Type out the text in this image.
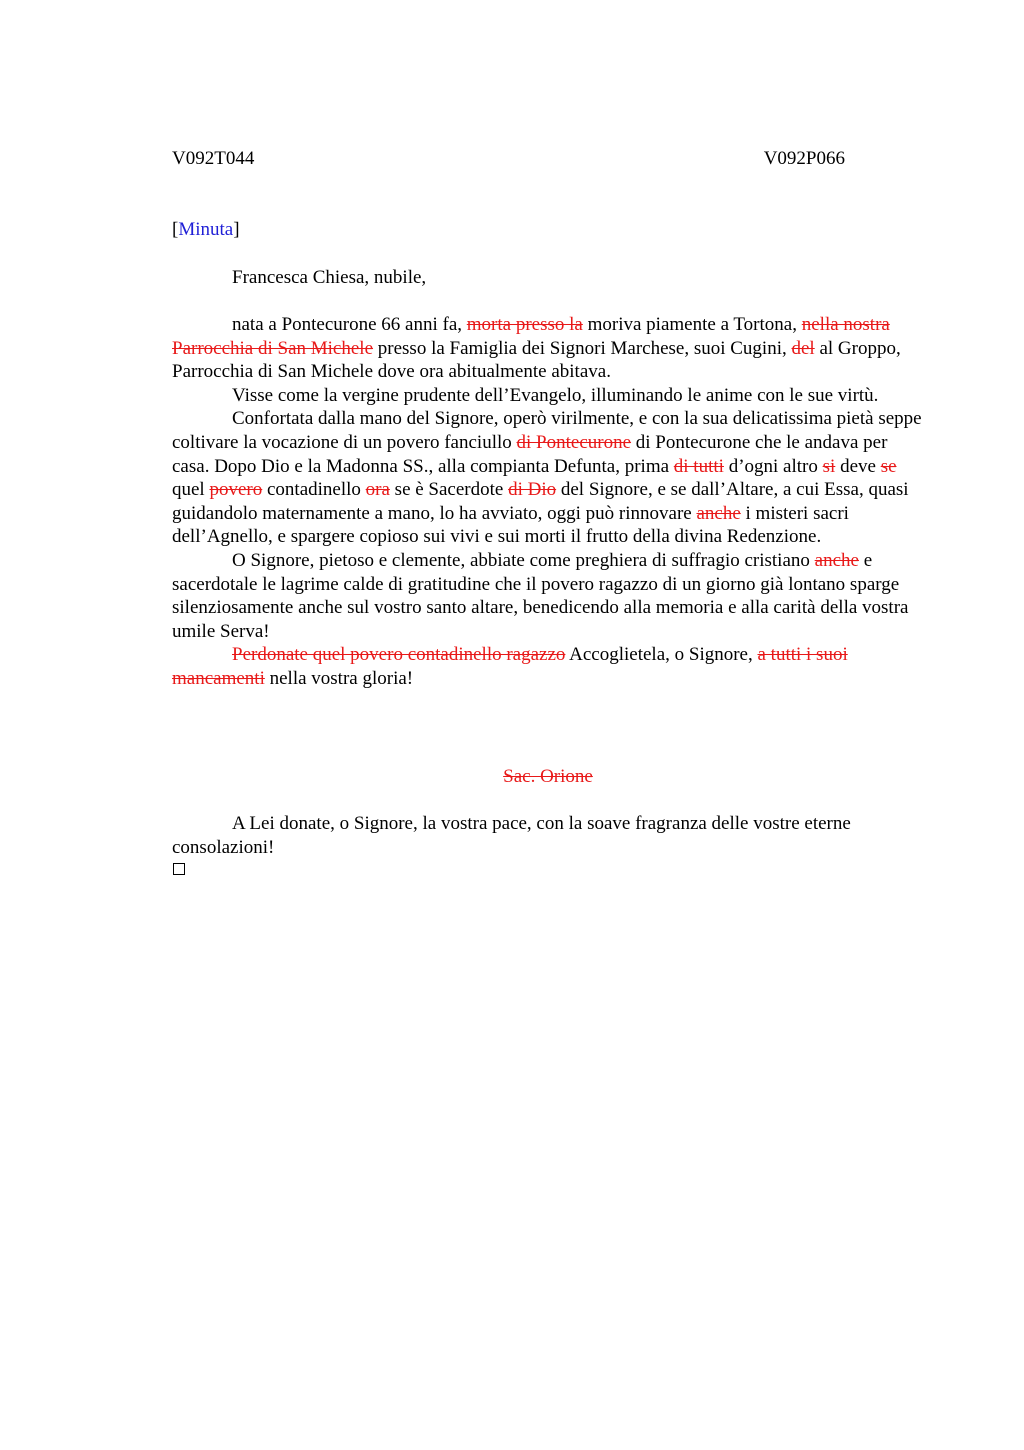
V092T044	V092P066
[Minuta]
Francesca Chiesa, nubile,

nata a Pontecurone 66 anni fa, morta presso la moriva piamente a Tortona, nella nostra Parrocchia di San Michele presso la Famiglia dei Signori Marchese, suoi Cugini, del al Groppo, Parrocchia di San Michele dove ora abitualmente abitava.

Visse come la vergine prudente dell’Evangelo, illuminando le anime con le sue virtù.

Confortata dalla mano del Signore, operò virilmente, e con la sua delicatissima pietà seppe coltivare la vocazione di un povero fanciullo di Pontecurone di Pontecurone che le andava per casa. Dopo Dio e la Madonna SS., alla compianta Defunta, prima di tutti d’ogni altro si deve se quel povero contadinello ora se è Sacerdote di Dio del Signore, e se dall’Altare, a cui Essa, quasi guidandolo maternamente a mano, lo ha avviato, oggi può rinnovare anche i misteri sacri dell’Agnello, e spargere copioso sui vivi e sui morti il frutto della divina Redenzione.

O Signore, pietoso e clemente, abbiate come preghiera di suffragio cristiano anche e sacerdotale le lagrime calde di gratitudine che il povero ragazzo di un giorno già lontano sparge silenziosamente anche sul vostro santo altare, benedicendo alla memoria e alla carità della vostra umile Serva!

Perdonate quel povero contadinello ragazzo Accoglietela, o Signore, a tutti i suoi mancamenti nella vostra gloria!

Sac. Orione

A Lei donate, o Signore, la vostra pace, con la soave fragranza delle vostre eterne consolazioni!
